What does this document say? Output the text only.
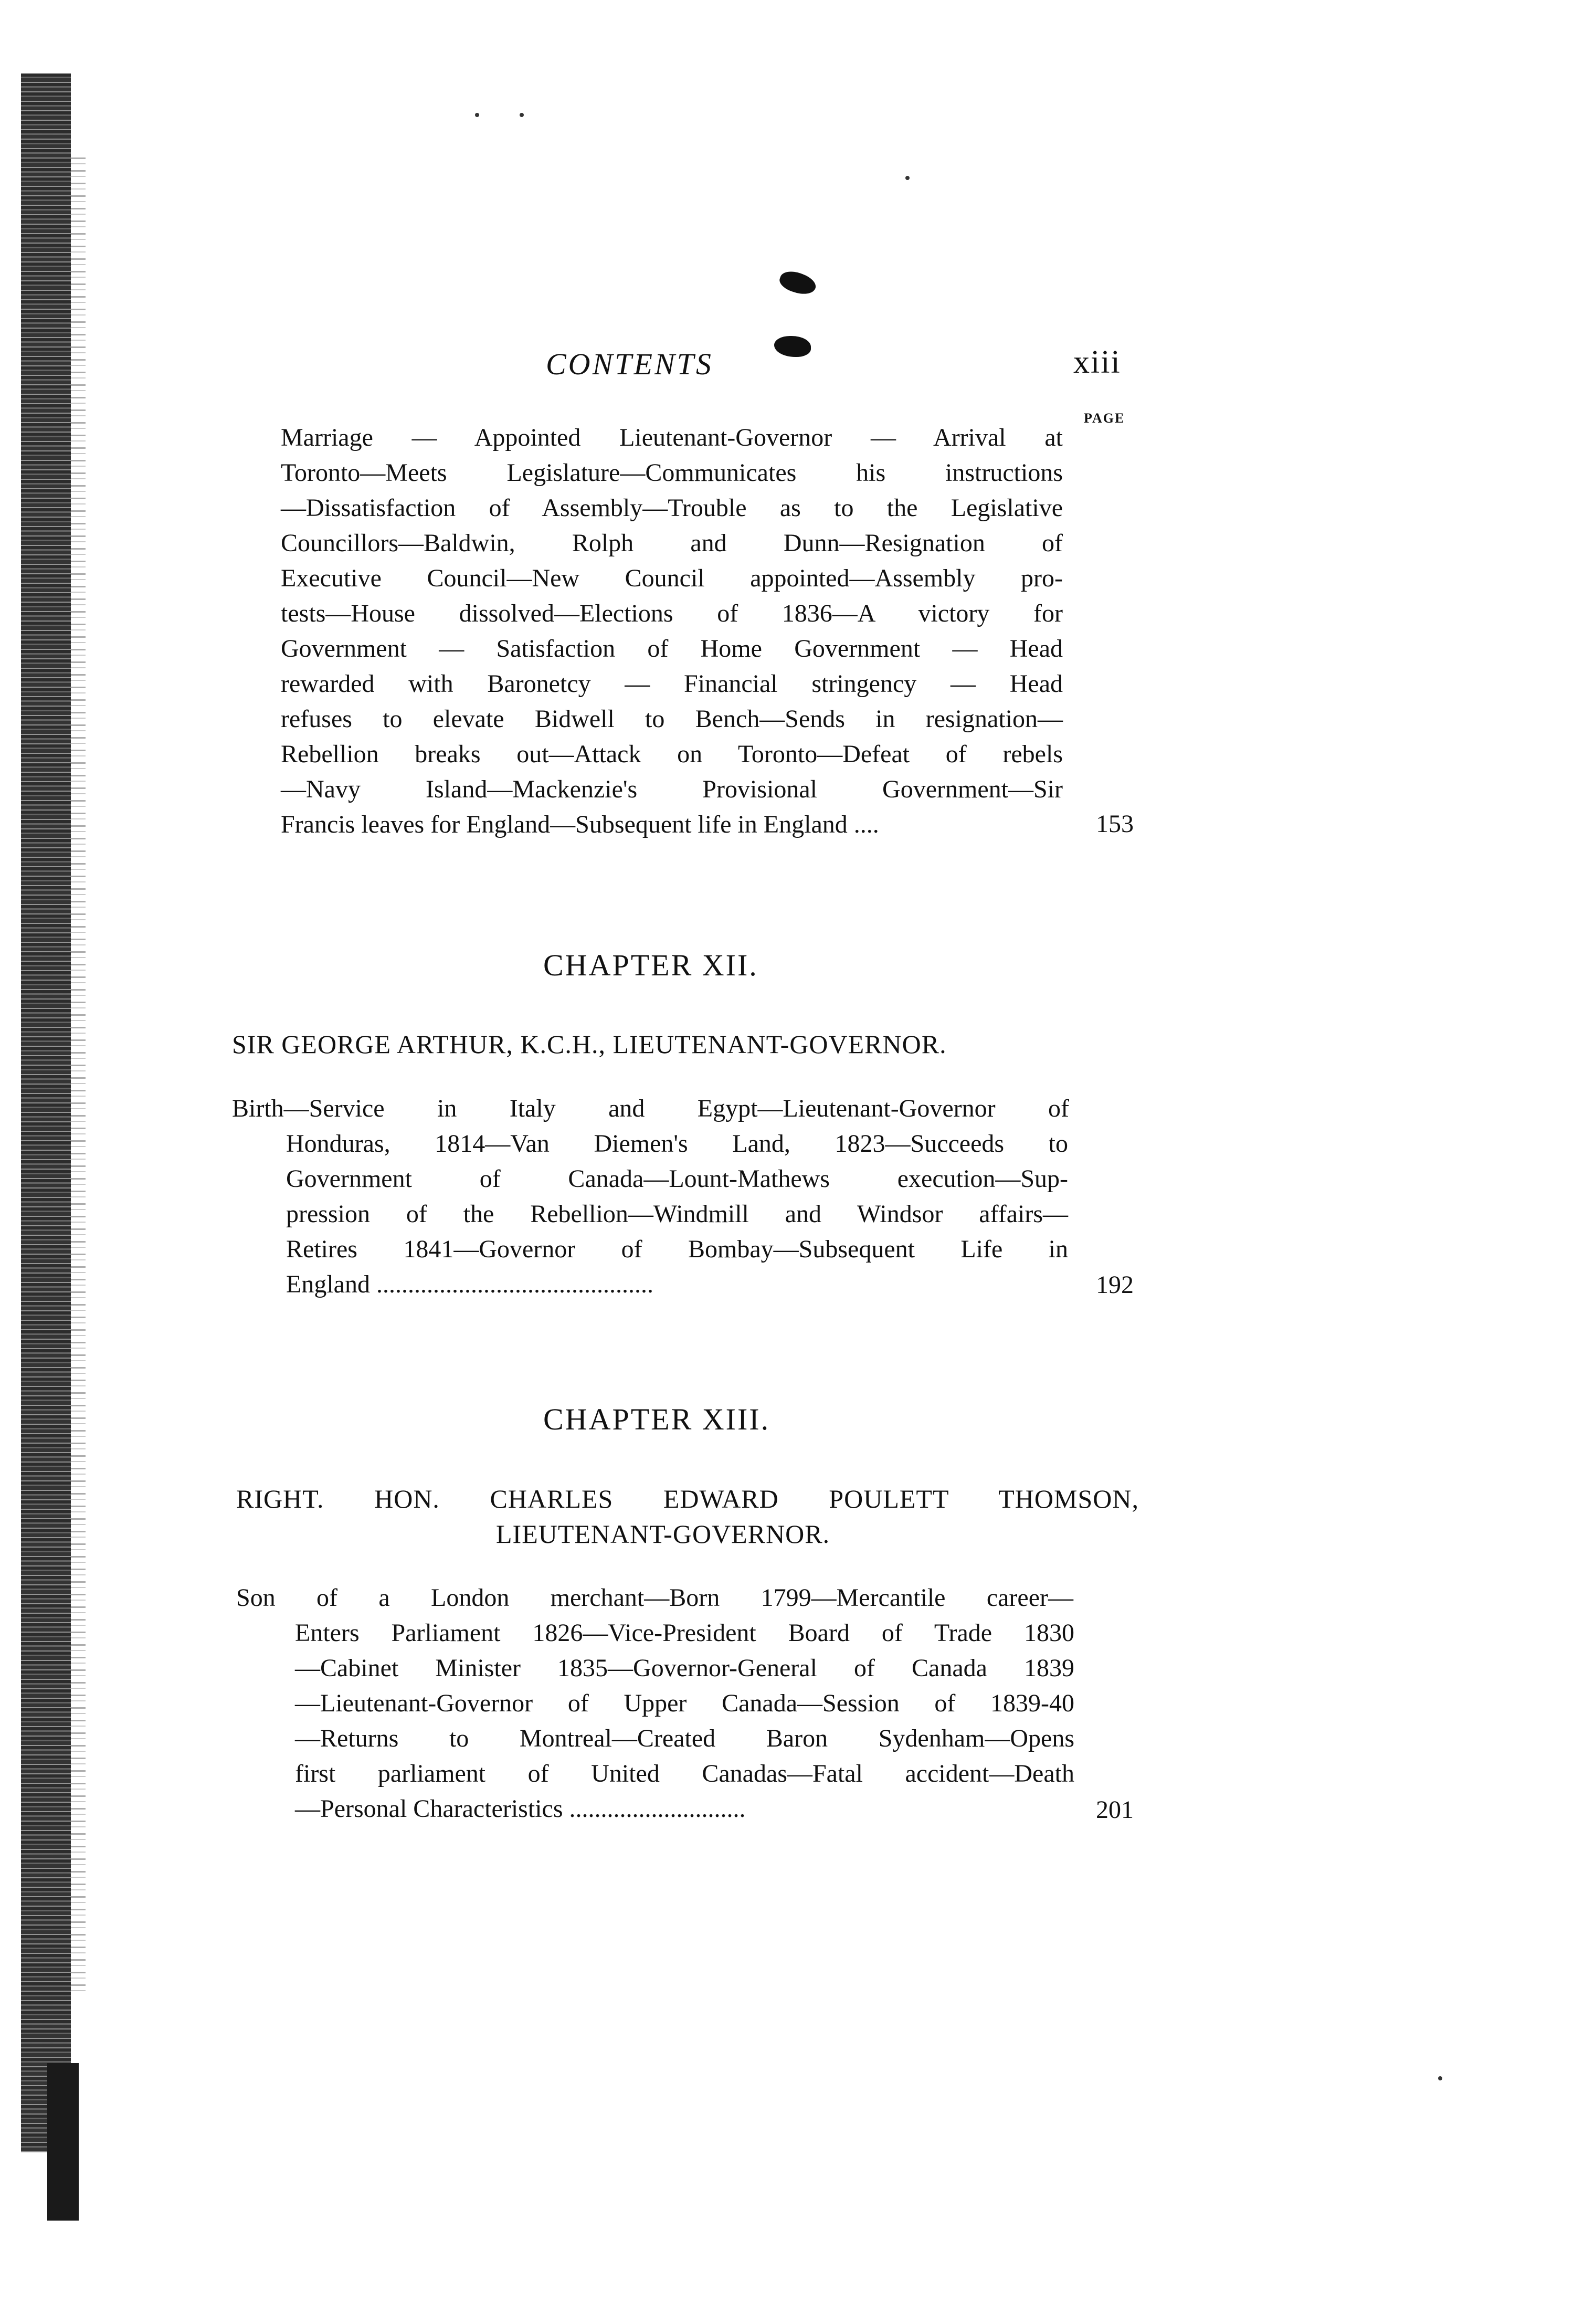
CONTENTS	xiii
PAGE
Marriage — Appointed Lieutenant-Governor — Arrival at
Toronto—Meets Legislature—Communicates his instructions
—Dissatisfaction of Assembly—Trouble as to the Legislative
Councillors—Baldwin, Rolph and Dunn—Resignation of
Executive Council—New Council appointed—Assembly pro-
tests—House dissolved—Elections of 1836—A victory for
Government — Satisfaction of Home Government — Head
rewarded with Baronetcy — Financial stringency — Head
refuses to elevate Bidwell to Bench—Sends in resignation—
Rebellion breaks out—Attack on Toronto—Defeat of rebels
—Navy Island—Mackenzie's Provisional Government—Sir
Francis leaves for England—Subsequent life in England ....	153
CHAPTER XII.
SIR GEORGE ARTHUR, K.C.H., LIEUTENANT-GOVERNOR.
Birth—Service in Italy and Egypt—Lieutenant-Governor of
Honduras, 1814—Van Diemen's Land, 1823—Succeeds to
Government of Canada—Lount-Mathews execution—Sup-
pression of the Rebellion—Windmill and Windsor affairs—
Retires 1841—Governor of Bombay—Subsequent Life in
England ............................................	192
CHAPTER XIII.
RIGHT. HON. CHARLES EDWARD POULETT THOMSON,
LIEUTENANT-GOVERNOR.
Son of a London merchant—Born 1799—Mercantile career—
Enters Parliament 1826—Vice-President Board of Trade 1830
—Cabinet Minister 1835—Governor-General of Canada 1839
—Lieutenant-Governor of Upper Canada—Session of 1839-40
—Returns to Montreal—Created Baron Sydenham—Opens
first parliament of United Canadas—Fatal accident—Death
—Personal Characteristics ............................	201
